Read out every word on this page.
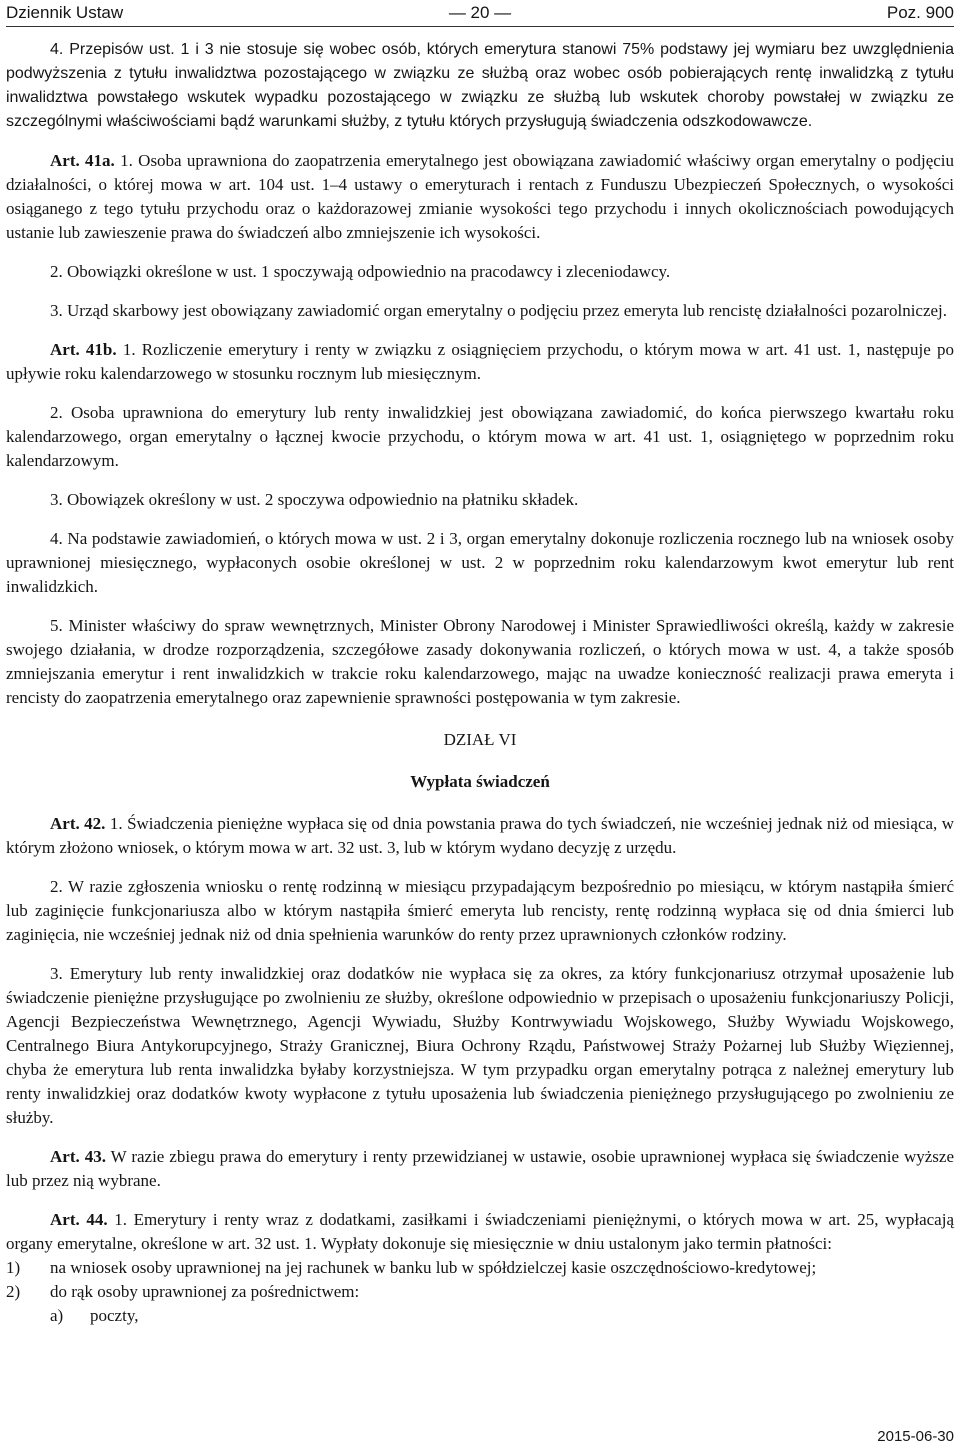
Dziennik Ustaw	— 20 —	Poz. 900

4. Przepisów ust. 1 i 3 nie stosuje się wobec osób, których emerytura stanowi 75% podstawy jej wymiaru bez uwzględnienia podwyższenia z tytułu inwalidztwa pozostającego w związku ze służbą oraz wobec osób pobierających rentę inwalidzką z tytułu inwalidztwa powstałego wskutek wypadku pozostającego w związku ze służbą lub wskutek choroby powstałej w związku ze szczególnymi właściwościami bądź warunkami służby, z tytułu których przysługują świadczenia odszkodowawcze.

Art. 41a. 1. Osoba uprawniona do zaopatrzenia emerytalnego jest obowiązana zawiadomić właściwy organ emerytalny o podjęciu działalności, o której mowa w art. 104 ust. 1–4 ustawy o emeryturach i rentach z Funduszu Ubezpieczeń Społecznych, o wysokości osiąganego z tego tytułu przychodu oraz o każdorazowej zmianie wysokości tego przychodu i innych okolicznościach powodujących ustanie lub zawieszenie prawa do świadczeń albo zmniejszenie ich wysokości.

2. Obowiązki określone w ust. 1 spoczywają odpowiednio na pracodawcy i zleceniodawcy.

3. Urząd skarbowy jest obowiązany zawiadomić organ emerytalny o podjęciu przez emeryta lub rencistę działalności pozarolniczej.

Art. 41b. 1. Rozliczenie emerytury i renty w związku z osiągnięciem przychodu, o którym mowa w art. 41 ust. 1, następuje po upływie roku kalendarzowego w stosunku rocznym lub miesięcznym.

2. Osoba uprawniona do emerytury lub renty inwalidzkiej jest obowiązana zawiadomić, do końca pierwszego kwartału roku kalendarzowego, organ emerytalny o łącznej kwocie przychodu, o którym mowa w art. 41 ust. 1, osiągniętego w poprzednim roku kalendarzowym.

3. Obowiązek określony w ust. 2 spoczywa odpowiednio na płatniku składek.

4. Na podstawie zawiadomień, o których mowa w ust. 2 i 3, organ emerytalny dokonuje rozliczenia rocznego lub na wniosek osoby uprawnionej miesięcznego, wypłaconych osobie określonej w ust. 2 w poprzednim roku kalendarzowym kwot emerytur lub rent inwalidzkich.

5. Minister właściwy do spraw wewnętrznych, Minister Obrony Narodowej i Minister Sprawiedliwości określą, każdy w zakresie swojego działania, w drodze rozporządzenia, szczegółowe zasady dokonywania rozliczeń, o których mowa w ust. 4, a także sposób zmniejszania emerytur i rent inwalidzkich w trakcie roku kalendarzowego, mając na uwadze konieczność realizacji prawa emeryta i rencisty do zaopatrzenia emerytalnego oraz zapewnienie sprawności postępowania w tym zakresie.

DZIAŁ VI

Wypłata świadczeń

Art. 42. 1. Świadczenia pieniężne wypłaca się od dnia powstania prawa do tych świadczeń, nie wcześniej jednak niż od miesiąca, w którym złożono wniosek, o którym mowa w art. 32 ust. 3, lub w którym wydano decyzję z urzędu.

2. W razie zgłoszenia wniosku o rentę rodzinną w miesiącu przypadającym bezpośrednio po miesiącu, w którym nastąpiła śmierć lub zaginięcie funkcjonariusza albo w którym nastąpiła śmierć emeryta lub rencisty, rentę rodzinną wypłaca się od dnia śmierci lub zaginięcia, nie wcześniej jednak niż od dnia spełnienia warunków do renty przez uprawnionych członków rodziny.

3. Emerytury lub renty inwalidzkiej oraz dodatków nie wypłaca się za okres, za który funkcjonariusz otrzymał uposażenie lub świadczenie pieniężne przysługujące po zwolnieniu ze służby, określone odpowiednio w przepisach o uposażeniu funkcjonariuszy Policji, Agencji Bezpieczeństwa Wewnętrznego, Agencji Wywiadu, Służby Kontrwywiadu Wojskowego, Służby Wywiadu Wojskowego, Centralnego Biura Antykorupcyjnego, Straży Granicznej, Biura Ochrony Rządu, Państwowej Straży Pożarnej lub Służby Więziennej, chyba że emerytura lub renta inwalidzka byłaby korzystniejsza. W tym przypadku organ emerytalny potrąca z należnej emerytury lub renty inwalidzkiej oraz dodatków kwoty wypłacone z tytułu uposażenia lub świadczenia pieniężnego przysługującego po zwolnieniu ze służby.

Art. 43. W razie zbiegu prawa do emerytury i renty przewidzianej w ustawie, osobie uprawnionej wypłaca się świadczenie wyższe lub przez nią wybrane.

Art. 44. 1. Emerytury i renty wraz z dodatkami, zasiłkami i świadczeniami pieniężnymi, o których mowa w art. 25, wypłacają organy emerytalne, określone w art. 32 ust. 1. Wypłaty dokonuje się miesięcznie w dniu ustalonym jako termin płatności:

1)	na wniosek osoby uprawnionej na jej rachunek w banku lub w spółdzielczej kasie oszczędnościowo-kredytowej;
2)	do rąk osoby uprawnionej za pośrednictwem:
a)	poczty,
2015-06-30
